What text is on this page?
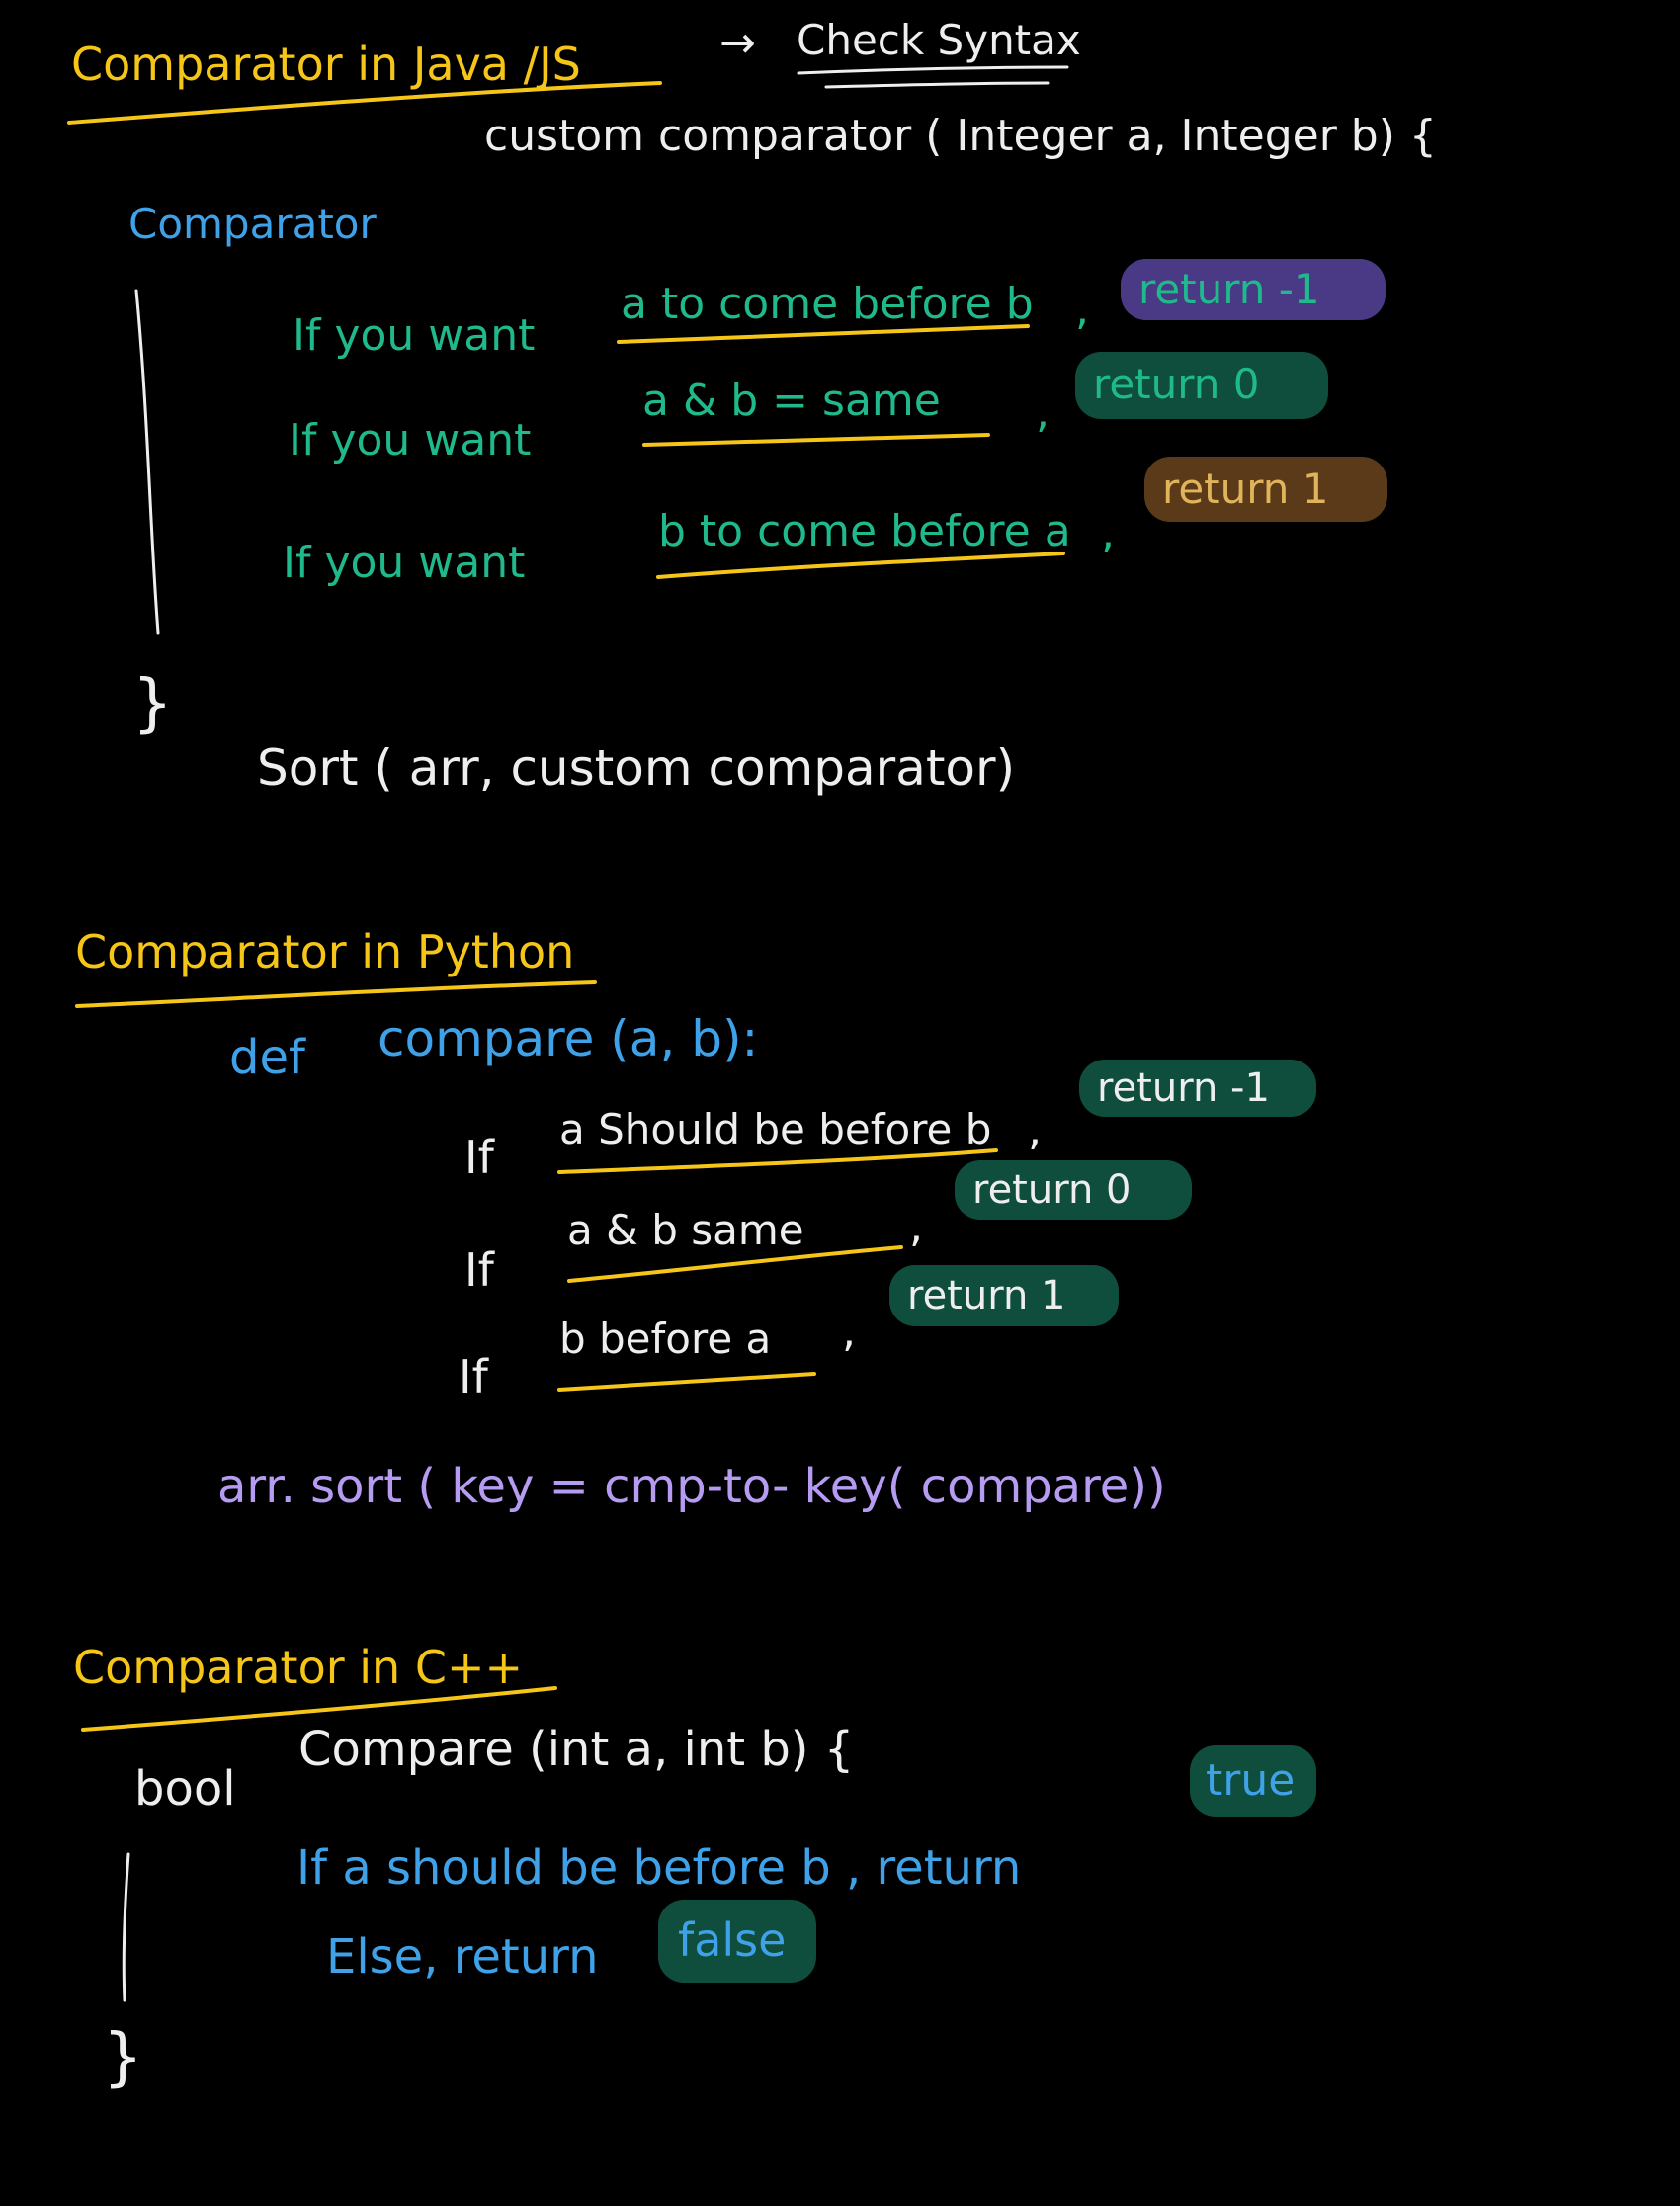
Comparator in Java /JS	→ Check Syntax
Comparator
custom comparator ( Integer a, Integer b) {
If you want
a to come before b ,	return -1
If you want
a & b = same ,
return 0
If you want
b to come before a ,
return 1
}
Sort ( arr, custom comparator)
Comparator in Python
def compare (a, b):
If
a Should be before b ,
return -1
If
a & b same ,
return 0
If
b before a ,
return 1
arr. sort ( key = cmp-to- key( compare))
Comparator in C++
bool
Compare (int a, int b) {
If a should be before b , return
true
Else, return	false
}
